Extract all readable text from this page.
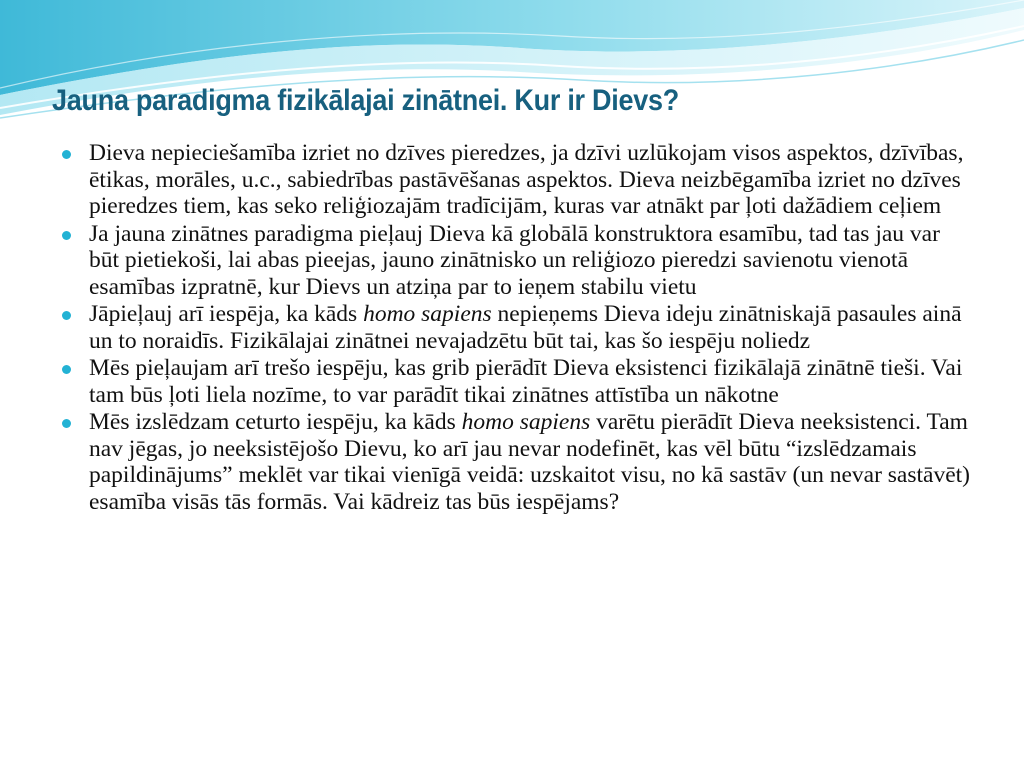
Jauna paradigma fizikālajai zinātnei. Kur ir Dievs?
Dieva nepieciešamība izriet no dzīves pieredzes, ja dzīvi uzlūkojam visos aspektos, dzīvības, ētikas, morāles, u.c., sabiedrības pastāvēšanas aspektos. Dieva neizbēgamība izriet no dzīves pieredzes tiem, kas seko reliģiozajām tradīcijām, kuras var atnākt par ļoti dažādiem ceļiem
Ja jauna zinātnes paradigma pieļauj Dieva kā globālā konstruktora esamību, tad tas jau var būt pietiekoši, lai abas pieejas, jauno zinātnisko un reliģiozo pieredzi savienotu vienotā esamības izpratnē, kur Dievs un atziņa par to ieņem stabilu vietu
Jāpieļauj arī iespēja, ka kāds homo sapiens nepieņems Dieva ideju zinātniskajā pasaules ainā un to noraidīs. Fizikālajai zinātnei nevajadzētu būt tai, kas šo iespēju noliedz
Mēs pieļaujam arī trešo iespēju, kas grib pierādīt Dieva eksistenci fizikālajā zinātnē tieši. Vai tam būs ļoti liela nozīme, to var parādīt tikai zinātnes attīstība un nākotne
Mēs izslēdzam ceturto iespēju, ka kāds homo sapiens varētu pierādīt Dieva neeksistenci. Tam nav jēgas, jo neeksistējošo Dievu, ko arī jau nevar nodefinēt, kas vēl būtu “izslēdzamais papildinājums” meklēt var tikai vienīgā veidā: uzskaitot visu, no kā sastāv (un nevar sastāvēt) esamība visās tās formās. Vai kādreiz tas būs iespējams?
